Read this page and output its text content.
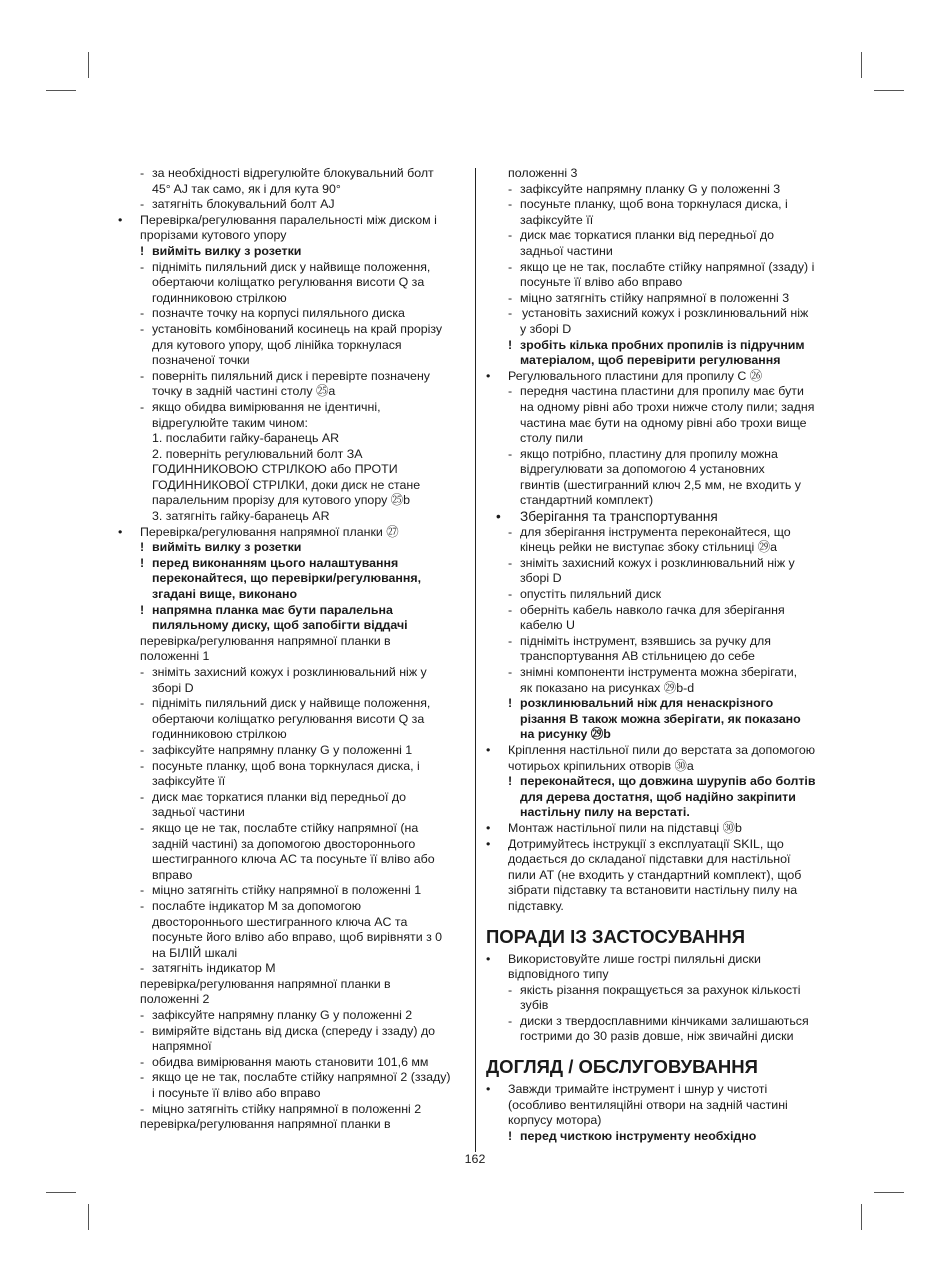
- за необхідності відрегулюйте блокувальний болт
45° AJ так само, як і для кута 90°
- затягніть блокувальний болт AJ
• Перевірка/регулювання паралельності між диском і
прорізами кутового упору
! вийміть вилку з розетки
- підніміть пиляльний диск у найвище положення,
обертаючи коліщатко регулювання висоти Q за
годинниковою стрілкою
- позначте точку на корпусі пиляльного диска
- установіть комбінований косинець на край прорізу
для кутового упору, щоб лінійка торкнулася
позначеної точки
- поверніть пиляльний диск і перевірте позначену
точку в задній частині столу ㉕a
- якщо обидва вимірювання не ідентичні,
відрегулюйте таким чином:
1. послабити гайку-баранець AR
2. поверніть регулювальний болт ЗА
ГОДИННИКОВОЮ СТРІЛКОЮ або ПРОТИ
ГОДИННИКОВОЇ СТРІЛКИ, доки диск не стане
паралельним прорізу для кутового упору ㉕b
3. затягніть гайку-баранець AR
• Перевірка/регулювання напрямної планки ㉗
! вийміть вилку з розетки
! перед виконанням цього налаштування
переконайтеся, що перевірки/регулювання,
згадані вище, виконано
! напрямна планка має бути паралельна
пиляльному диску, щоб запобігти віддачі
перевірка/регулювання напрямної планки в
положенні 1
- зніміть захисний кожух і розклинювальний ніж у
зборі D
- підніміть пиляльний диск у найвище положення,
обертаючи коліщатко регулювання висоти Q за
годинниковою стрілкою
- зафіксуйте напрямну планку G у положенні 1
- посуньте планку, щоб вона торкнулася диска, і
зафіксуйте її
- диск має торкатися планки від передньої до
задньої частини
- якщо це не так, послабте стійку напрямної (на
задній частині) за допомогою двостороннього
шестигранного ключа AC та посуньте її вліво або
вправо
- міцно затягніть стійку напрямної в положенні 1
- послабте індикатор M за допомогою
двостороннього шестигранного ключа AC та
посуньте його вліво або вправо, щоб вирівняти з 0
на БІЛІЙ шкалі
- затягніть індикатор M
перевірка/регулювання напрямної планки в
положенні 2
- зафіксуйте напрямну планку G у положенні 2
- виміряйте відстань від диска (спереду і ззаду) до
напрямної
- обидва вимірювання мають становити 101,6 мм
- якщо це не так, послабте стійку напрямної 2 (ззаду)
і посуньте її вліво або вправо
- міцно затягніть стійку напрямної в положенні 2
перевірка/регулювання напрямної планки в
положенні 3
- зафіксуйте напрямну планку G у положенні 3
- посуньте планку, щоб вона торкнулася диска, і
зафіксуйте її
- диск має торкатися планки від передньої до
задньої частини
- якщо це не так, послабте стійку напрямної (ззаду) і
посуньте її вліво або вправо
- міцно затягніть стійку напрямної в положенні 3
- установіть захисний кожух і розклинювальний ніж
у зборі D
! зробіть кілька пробних пропилів із підручним
матеріалом, щоб перевірити регулювання
• Регулювального пластини для пропилу C ㉖
- передня частина пластини для пропилу має бути
на одному рівні або трохи нижче столу пили; задня
частина має бути на одному рівні або трохи вище
столу пили
- якщо потрібно, пластину для пропилу можна
відрегулювати за допомогою 4 установних
гвинтів (шестигранний ключ 2,5 мм, не входить у
стандартний комплект)
• Зберігання та транспортування
- для зберігання інструмента переконайтеся, що
кінець рейки не виступає збоку стільниці ㉙a
- зніміть захисний кожух і розклинювальний ніж у
зборі D
- опустіть пиляльний диск
- оберніть кабель навколо гачка для зберігання
кабелю U
- підніміть інструмент, взявшись за ручку для
транспортування AB стільницею до себе
- знімні компоненти інструмента можна зберігати,
як показано на рисунках ㉙b-d
! розклинювальний ніж для ненаскрізного
різання В також можна зберігати, як показано
на рисунку ㉙b
• Кріплення настільної пили до верстата за допомогою
чотирьох кріпильних отворів ㉚a
! переконайтеся, що довжина шурупів або болтів
для дерева достатня, щоб надійно закріпити
настільну пилу на верстаті.
• Монтаж настільної пили на підставці ㉚b
• Дотримуйтесь інструкції з експлуатації SKIL, що
додається до складаної підставки для настільної
пили AT (не входить у стандартний комплект), щоб
зібрати підставку та встановити настільну пилу на
підставку.
ПОРАДИ ІЗ ЗАСТОСУВАННЯ
• Використовуйте лише гострі пиляльні диски
відповідного типу
- якість різання покращується за рахунок кількості
зубів
- диски з твердосплавними кінчиками залишаються
гострими до 30 разів довше, ніж звичайні диски
ДОГЛЯД / ОБСЛУГОВУВАННЯ
• Завжди тримайте інструмент і шнур у чистоті
(особливо вентиляційні отвори на задній частині
корпусу мотора)
! перед чисткою інструменту необхідно
162
